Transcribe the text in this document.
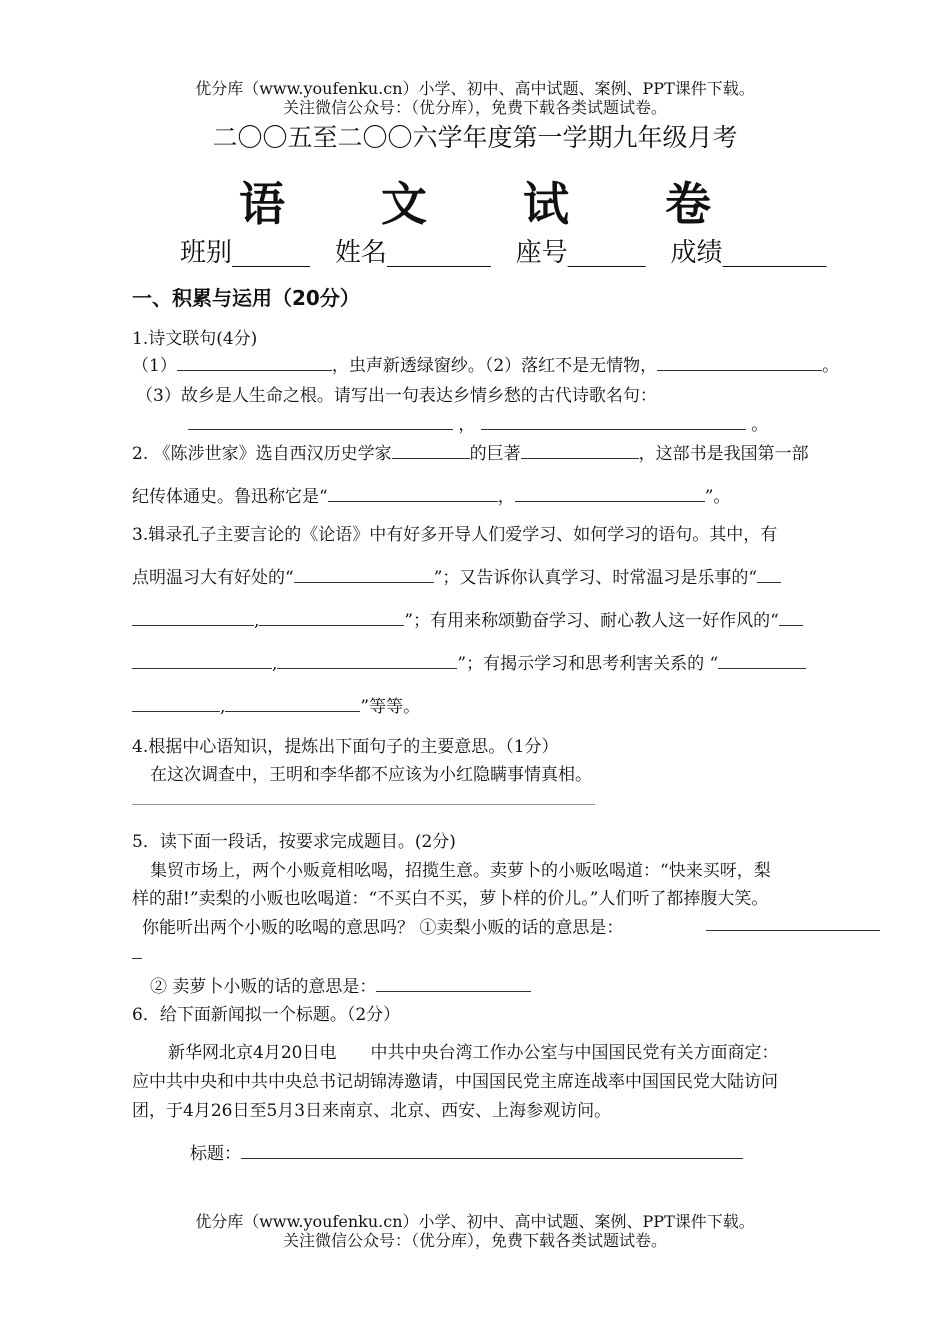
优分库（www.youfenku.cn）小学、初中、高中试题、案例、PPT课件下载。
关注微信公众号：（优分库），免费下载各类试题试卷。
二〇〇五至二〇〇六学年度第一学期九年级月考
语 文 试 卷
班别______ 姓名________ 座号______ 成绩________
一、积累与运用（20分）
1.诗文联句(4分)
（1）	，虫声新透绿窗纱。（2）落红不是无情物，	。
（3）故乡是人生命之根。请写出一句表达乡情乡愁的古代诗歌名句：
，	。
2. 《陈涉世家》选自西汉历史学家	的巨著	，这部书是我国第一部
纪传体通史。鲁迅称它是“	，	”。
3.辑录孔子主要言论的《论语》中有好多开导人们爱学习、如何学习的语句。其中，有
点明温习大有好处的“	”；又告诉你认真学习、时常温习是乐事的“
,	”；有用来称颂勤奋学习、耐心教人这一好作风的“
,	”；有揭示学习和思考利害关系的 “
,	”等等。
4.根据中心语知识，提炼出下面句子的主要意思。（1分）
在这次调查中，王明和李华都不应该为小红隐瞒事情真相。
5．读下面一段话，按要求完成题目。(2分)
集贸市场上，两个小贩竟相吆喝，招揽生意。卖萝卜的小贩吆喝道：“快来买呀，梨
样的甜!”卖梨的小贩也吆喝道：“不买白不买，萝卜样的价儿。”人们听了都捧腹大笑。
你能听出两个小贩的吆喝的意思吗？ ①卖梨小贩的话的意思是：
② 卖萝卜小贩的话的意思是：
6．给下面新闻拟一个标题。（2分）
新华网北京4月20日电　　中共中央台湾工作办公室与中国国民党有关方面商定：
应中共中央和中共中央总书记胡锦涛邀请，中国国民党主席连战率中国国民党大陆访问
团，于4月26日至5月3日来南京、北京、西安、上海参观访问。
标题：
优分库（www.youfenku.cn）小学、初中、高中试题、案例、PPT课件下载。
关注微信公众号：（优分库），免费下载各类试题试卷。
